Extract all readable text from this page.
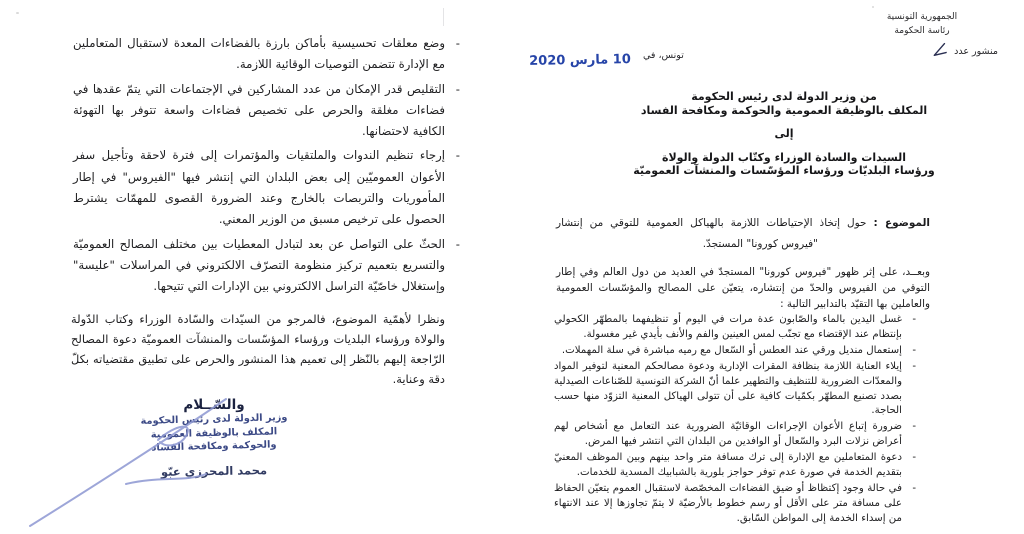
الجمهورية التونسية
رئاسة الحكومة
منشور عدد
تونس، في
10 مارس 2020
من وزير الدولة لدى رئيس الحكومة
المكلف بالوظيفة العمومية والحوكمة ومكافحة الفساد
إلى
السيدات والسادة الوزراء وكتّاب الدولة والولاة
ورؤساء البلديّات ورؤساء المؤسّسات والمنشآت العموميّة

الموضوع : حول إتخاذ الإحتياطات اللازمة بالهياكل العمومية للتوقي من إنتشار "فيروس كورونا" المستجدّ.

وبعــد، على إثر ظهور "فيروس كورونا" المستجدّ في العديد من دول العالم وفي إطار التوقي من الفيروس والحدّ من إنتشاره، يتعيّن على المصالح والمؤسّسات العمومية والعاملين بها التقيّد بالتدابير التالية :

- غسل اليدين بالماء والصّابون عدة مرات في اليوم أو تنظيفهما بالمطهّر الكحولي بإنتظام عند الإقتضاء مع تجنّب لمس العينين والفم والأنف بأيدي غير مغسولة.
- إستعمال منديل ورقي عند العطس أو السّعال مع رميه مباشرة في سلة المهملات.
- إيلاء العناية اللازمة بنظافة المقرات الإدارية ودعوة مصالحكم المعنية لتوفير المواد والمعدّات الضرورية للتنظيف والتطهير علما أنّ الشركة التونسية للصّناعات الصيدلية بصدد تصنيع المطهّر بكمّيات كافية على أن تتولى الهياكل المعنية التزوّد منها حسب الحاجة.
- ضرورة إتباع الأعوان الإجراءات الوقائيّة الضرورية عند التعامل مع أشخاص لهم أعراض نزلات البرد والسّعال أو الوافدين من البلدان التي انتشر فيها المرض.
- دعوة المتعاملين مع الإدارة إلى ترك مسافة متر واحد بينهم وبين الموظف المعنيّ بتقديم الخدمة في صورة عدم توفر حواجز بلورية بالشبابيك المسدية للخدمات.
- في حالة وجود إكتظاظ أو ضيق الفضاءات المخصّصة لاستقبال العموم يتعيّن الحفاظ على مسافة متر على الأقل أو رسم خطوط بالأرضيّة لا يتمّ تجاوزها إلا عند الانتهاء من إسداء الخدمة إلى المواطن السّابق.
- وضع معلقات تحسيسية بأماكن بارزة بالفضاءات المعدة لاستقبال المتعاملين مع الإدارة تتضمن التوصيات الوقائية اللازمة.
- التقليص قدر الإمكان من عدد المشاركين في الإجتماعات التي يتمّ عقدها في فضاءات مغلقة والحرص على تخصيص فضاءات واسعة تتوفر بها التهوئة الكافية لاحتضانها.
- إرجاء تنظيم الندوات والملتقيات والمؤتمرات إلى فترة لاحقة وتأجيل سفر الأعوان العموميّين إلى بعض البلدان التي إنتشر فيها "الفيروس" في إطار المأموريات والتربصات بالخارج وعند الضرورة القصوى للمهمّات يشترط الحصول على ترخيص مسبق من الوزير المعني.
- الحثّ على التواصل عن بعد لتبادل المعطيات بين مختلف المصالح العموميّة والتسريع بتعميم تركيز منظومة التصرّف الالكتروني في المراسلات "عليسة" وإستغلال خاصّيّة التراسل الالكتروني بين الإدارات التي تتيحها.

ونظرا لأهمّية الموضوع، فالمرجو من السيّدات والسّادة الوزراء وكتاب الدّولة والولاة ورؤساء البلديات ورؤساء المؤسّسات والمنشآت العموميّة دعوة المصالح الرّاجعة إليهم بالنّظر إلى تعميم هذا المنشور والحرص على تطبيق مقتضياته بكلّ دقة وعناية.

والسّــلام
وزير الدولة لدى رئيس الحكومة
المكلف بالوظيفة العمومية
والحوكمة ومكافحة الفساد
محمد المحرزي عبّو
